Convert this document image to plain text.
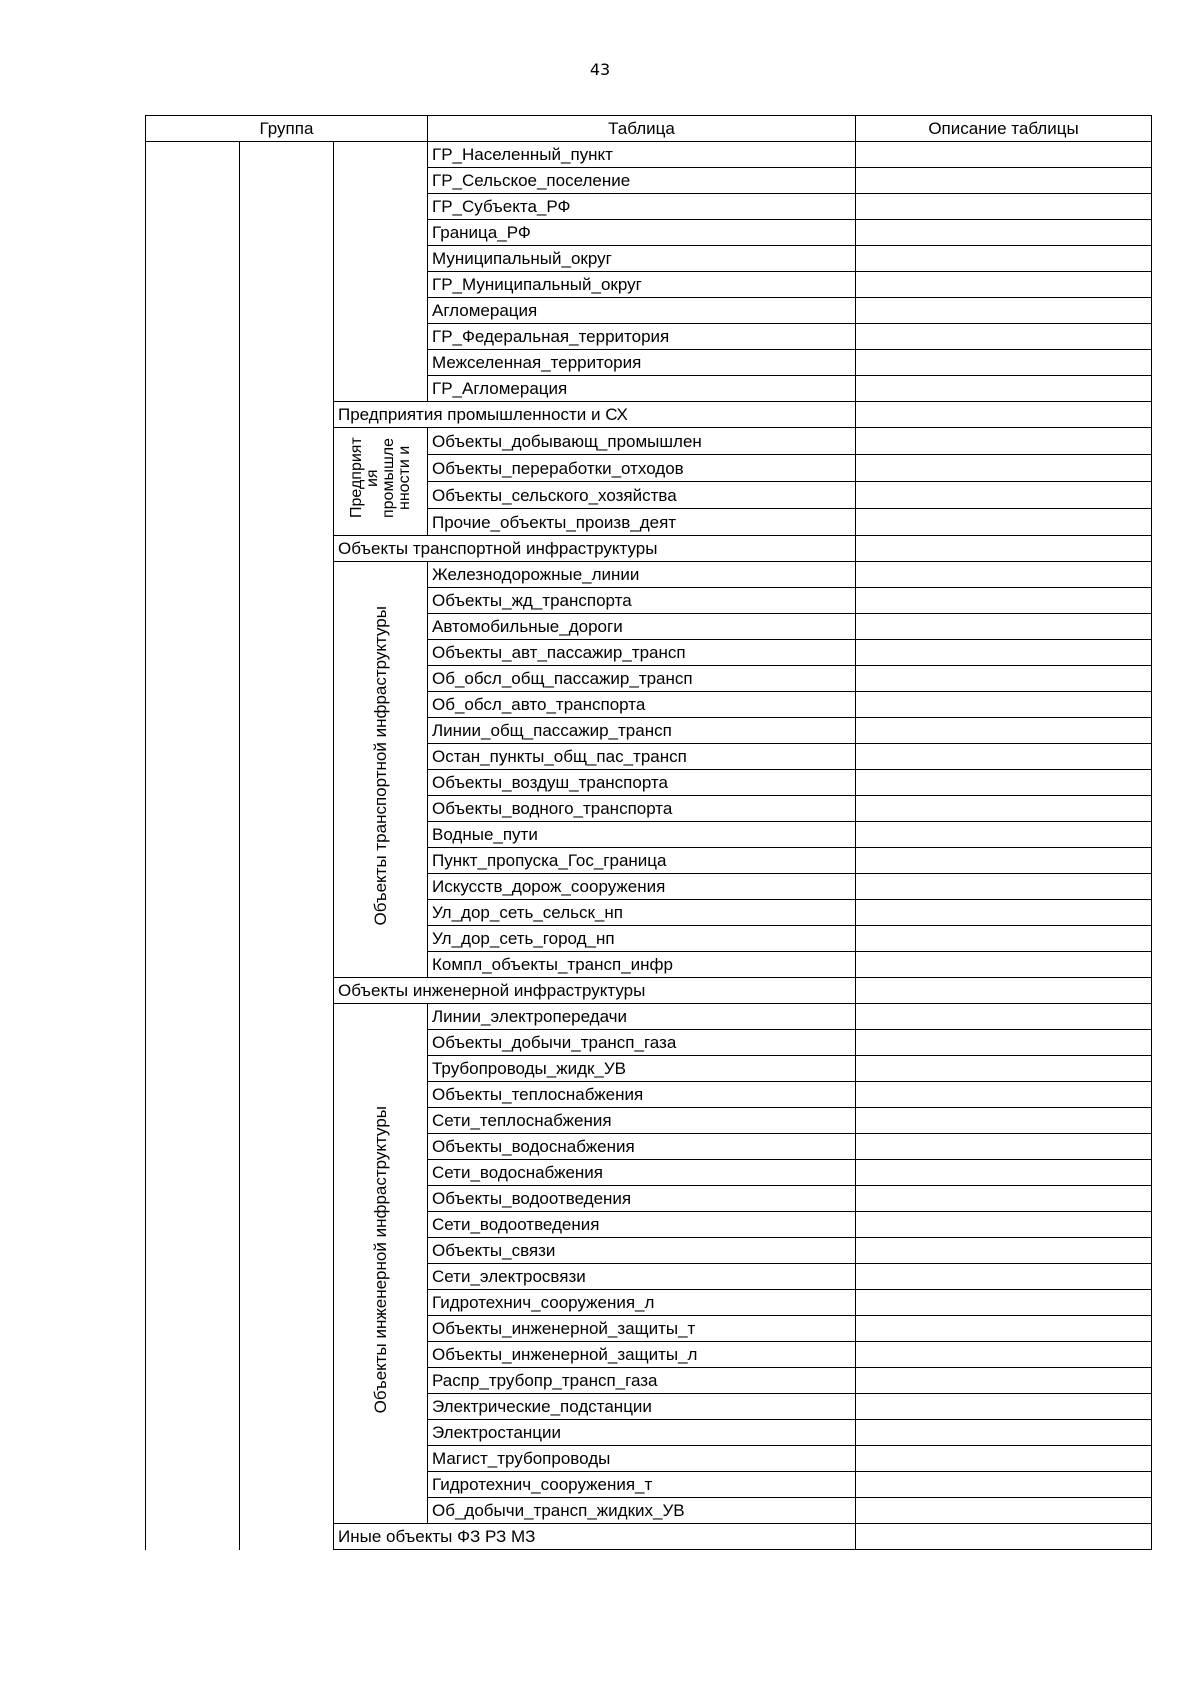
43
Группа			Таблица	Описание таблицы
			ГР_Населенный_пункт	
			ГР_Сельское_поселение	
			ГР_Субъекта_РФ	
			Граница_РФ	
			Муниципальный_округ	
			ГР_Муниципальный_округ	
			Агломерация	
			ГР_Федеральная_территория	
			Межселенная_территория	
			ГР_Агломерация	
		Предприятия промышленности и СХ		
		Предприят ия промышле нности и	Объекты_добывающ_промышлен	
			Объекты_переработки_отходов	
			Объекты_сельского_хозяйства	
			Прочие_объекты_произв_деят	
		Объекты транспортной инфраструктуры		
		Объекты транспортной инфраструктуры	Железнодорожные_линии	
			Объекты_жд_транспорта	
			Автомобильные_дороги	
			Объекты_авт_пассажир_трансп	
			Об_обсл_общ_пассажир_трансп	
			Об_обсл_авто_транспорта	
			Линии_общ_пассажир_трансп	
			Остан_пункты_общ_пас_трансп	
			Объекты_воздуш_транспорта	
			Объекты_водного_транспорта	
			Водные_пути	
			Пункт_пропуска_Гос_граница	
			Искусств_дорож_сооружения	
			Ул_дор_сеть_сельск_нп	
			Ул_дор_сеть_город_нп	
			Компл_объекты_трансп_инфр	
		Объекты инженерной инфраструктуры		
		Объекты инженерной инфраструктуры	Линии_электропередачи	
			Объекты_добычи_трансп_газа	
			Трубопроводы_жидк_УВ	
			Объекты_теплоснабжения	
			Сети_теплоснабжения	
			Объекты_водоснабжения	
			Сети_водоснабжения	
			Объекты_водоотведения	
			Сети_водоотведения	
			Объекты_связи	
			Сети_электросвязи	
			Гидротехнич_сооружения_л	
			Объекты_инженерной_защиты_т	
			Объекты_инженерной_защиты_л	
			Распр_трубопр_трансп_газа	
			Электрические_подстанции	
			Электростанции	
			Магист_трубопроводы	
			Гидротехнич_сооружения_т	
			Об_добычи_трансп_жидких_УВ	
		Иные объекты ФЗ РЗ МЗ		
